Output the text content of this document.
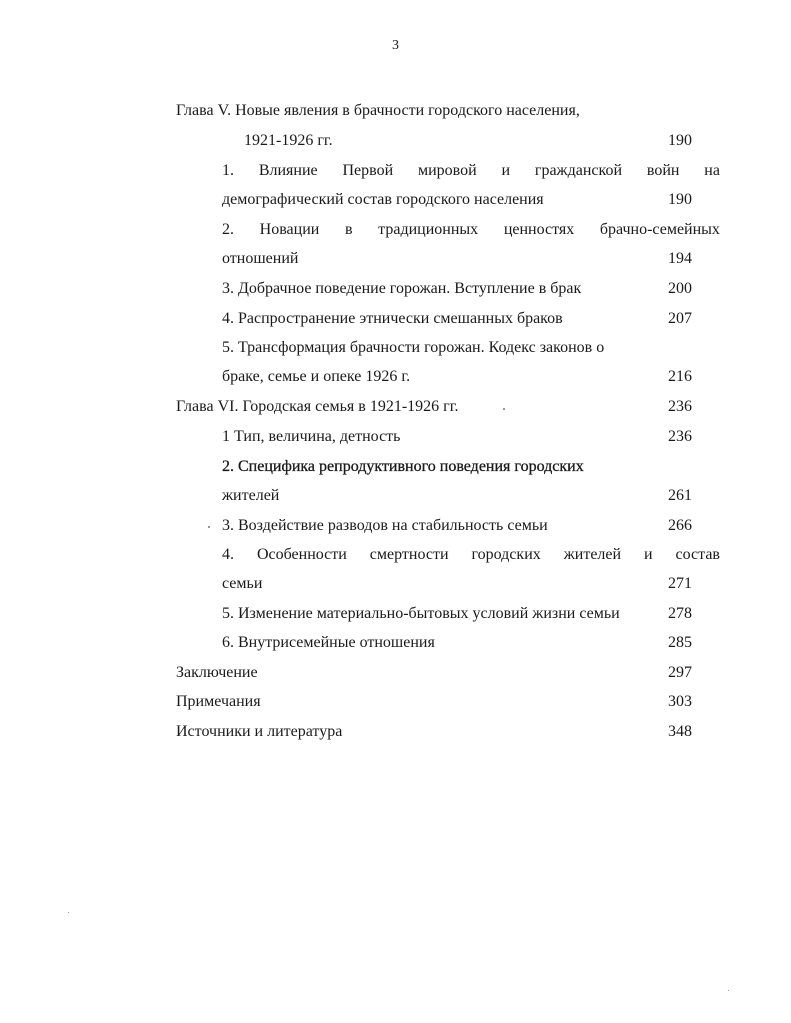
3
Глава V. Новые явления в брачности городского населения,
1921-1926 гг.	190
1. Влияние Первой мировой и гражданской войн на
демографический состав городского населения	190
2. Новации в традиционных ценностях брачно-семейных
отношений	194
3. Добрачное поведение горожан. Вступление в брак	200
4. Распространение этнически смешанных браков	207
5. Трансформация брачности горожан. Кодекс законов о
браке, семье и опеке 1926 г.	216
Глава VI. Городская семья в 1921-1926 гг.	236
1 Тип, величина, детность	236
2. Специфика репродуктивного поведения городских
жителей	261
3. Воздействие разводов на стабильность семьи	266
4. Особенности смертности городских жителей и состав
семьи	271
5. Изменение материально-бытовых условий жизни семьи	278
6. Внутрисемейные отношения	285
Заключение	297
Примечания	303
Источники и литература	348
